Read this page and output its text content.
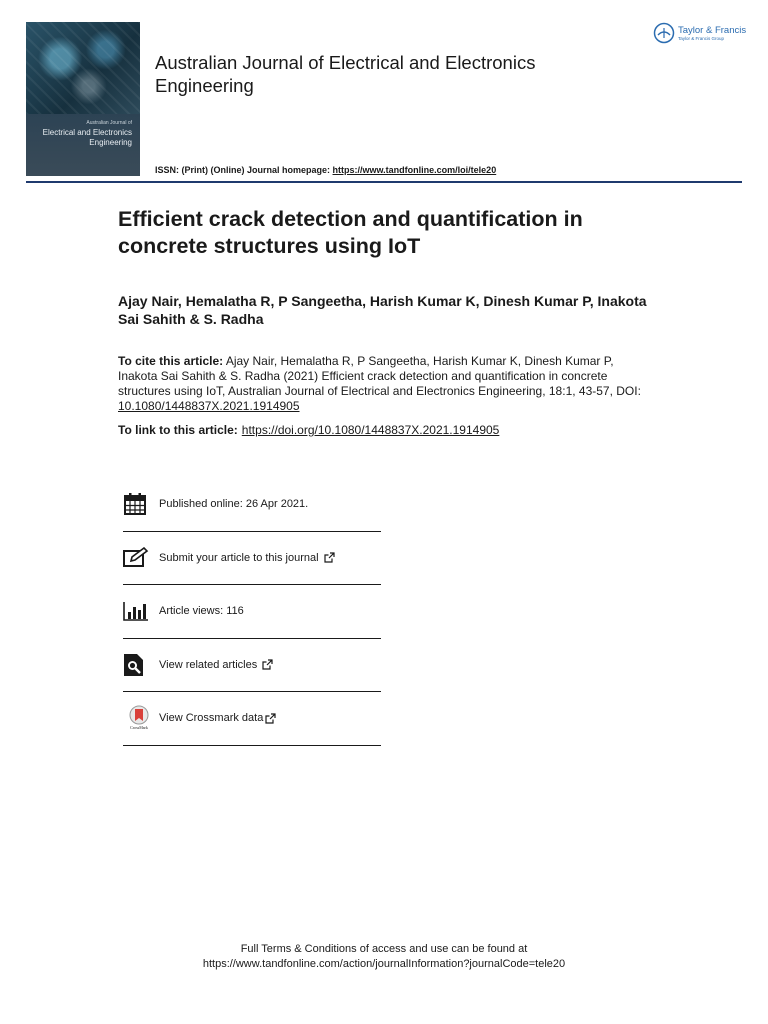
Australian Journal of
Electrical and Electronics Engineering
Australian Journal of Electrical and Electronics Engineering
ISSN: (Print) (Online) Journal homepage: https://www.tandfonline.com/loi/tele20
Taylor & Francis
Taylor & Francis Group
Efficient crack detection and quantification in concrete structures using IoT
Ajay Nair, Hemalatha R, P Sangeetha, Harish Kumar K, Dinesh Kumar P, Inakota Sai Sahith & S. Radha
To cite this article: Ajay Nair, Hemalatha R, P Sangeetha, Harish Kumar K, Dinesh Kumar P, Inakota Sai Sahith & S. Radha (2021) Efficient crack detection and quantification in concrete structures using IoT, Australian Journal of Electrical and Electronics Engineering, 18:1, 43-57, DOI: 10.1080/1448837X.2021.1914905
To link to this article: https://doi.org/10.1080/1448837X.2021.1914905
Published online: 26 Apr 2021.
Submit your article to this journal
Article views: 116
View related articles
CrossMark
View Crossmark data
Full Terms & Conditions of access and use can be found at
https://www.tandfonline.com/action/journalInformation?journalCode=tele20
